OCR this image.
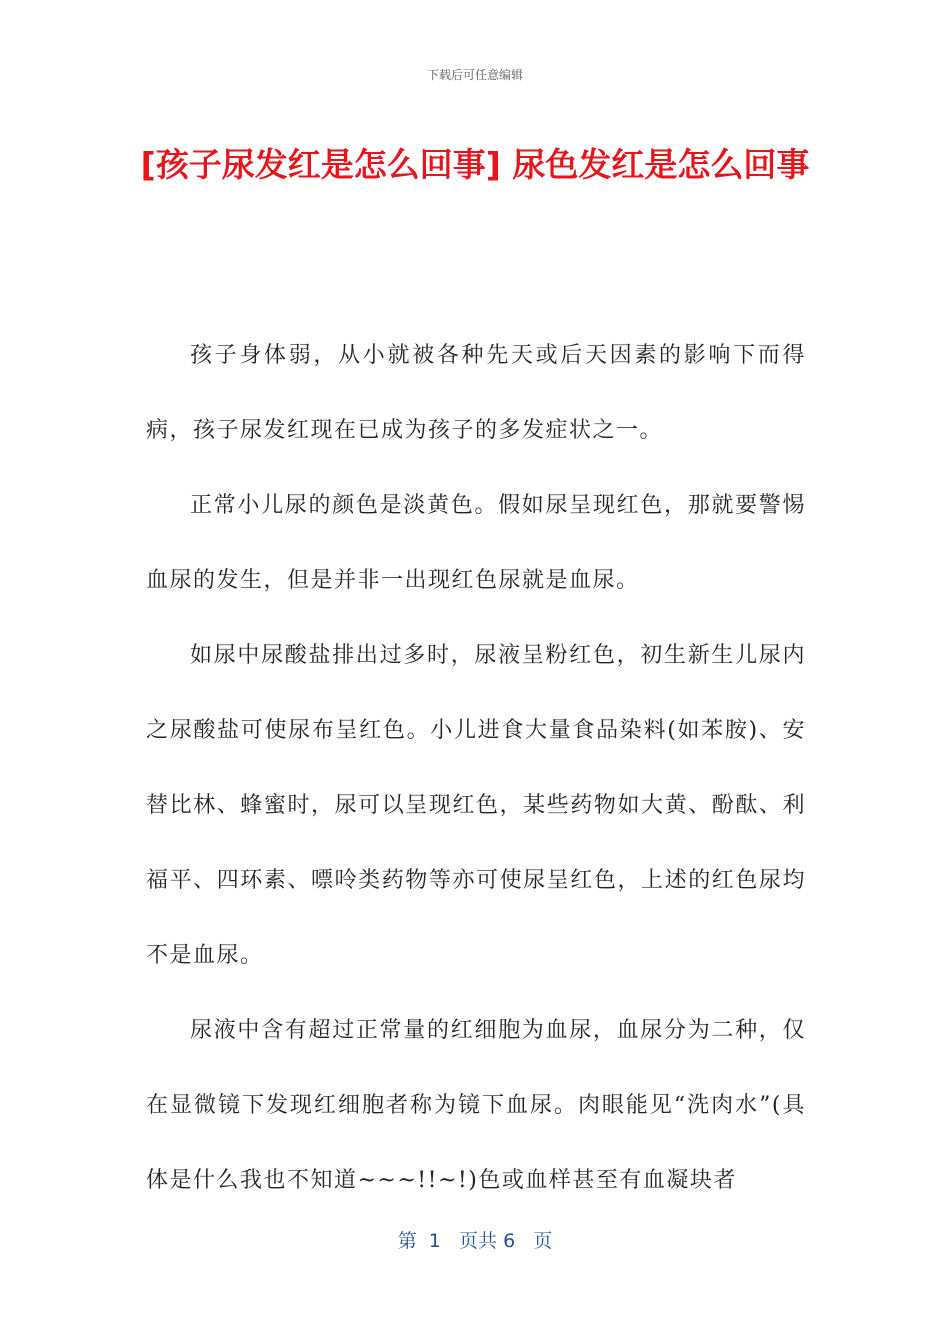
下载后可任意编辑
[孩子尿发红是怎么回事] 尿色发红是怎么回事

孩子身体弱，从小就被各种先天或后天因素的影响下而得病，孩子尿发红现在已成为孩子的多发症状之一。

正常小儿尿的颜色是淡黄色。假如尿呈现红色，那就要警惕血尿的发生，但是并非一出现红色尿就是血尿。

如尿中尿酸盐排出过多时，尿液呈粉红色，初生新生儿尿内之尿酸盐可使尿布呈红色。小儿进食大量食品染料(如苯胺)、安替比林、蜂蜜时，尿可以呈现红色，某些药物如大黄、酚酞、利福平、四环素、嘌呤类药物等亦可使尿呈红色，上述的红色尿均不是血尿。

尿液中含有超过正常量的红细胞为血尿，血尿分为二种，仅在显微镜下发现红细胞者称为镜下血尿。肉眼能见“洗肉水”(具体是什么我也不知道~~~!!~!)色或血样甚至有血凝块者

第 1 页共 6 页
